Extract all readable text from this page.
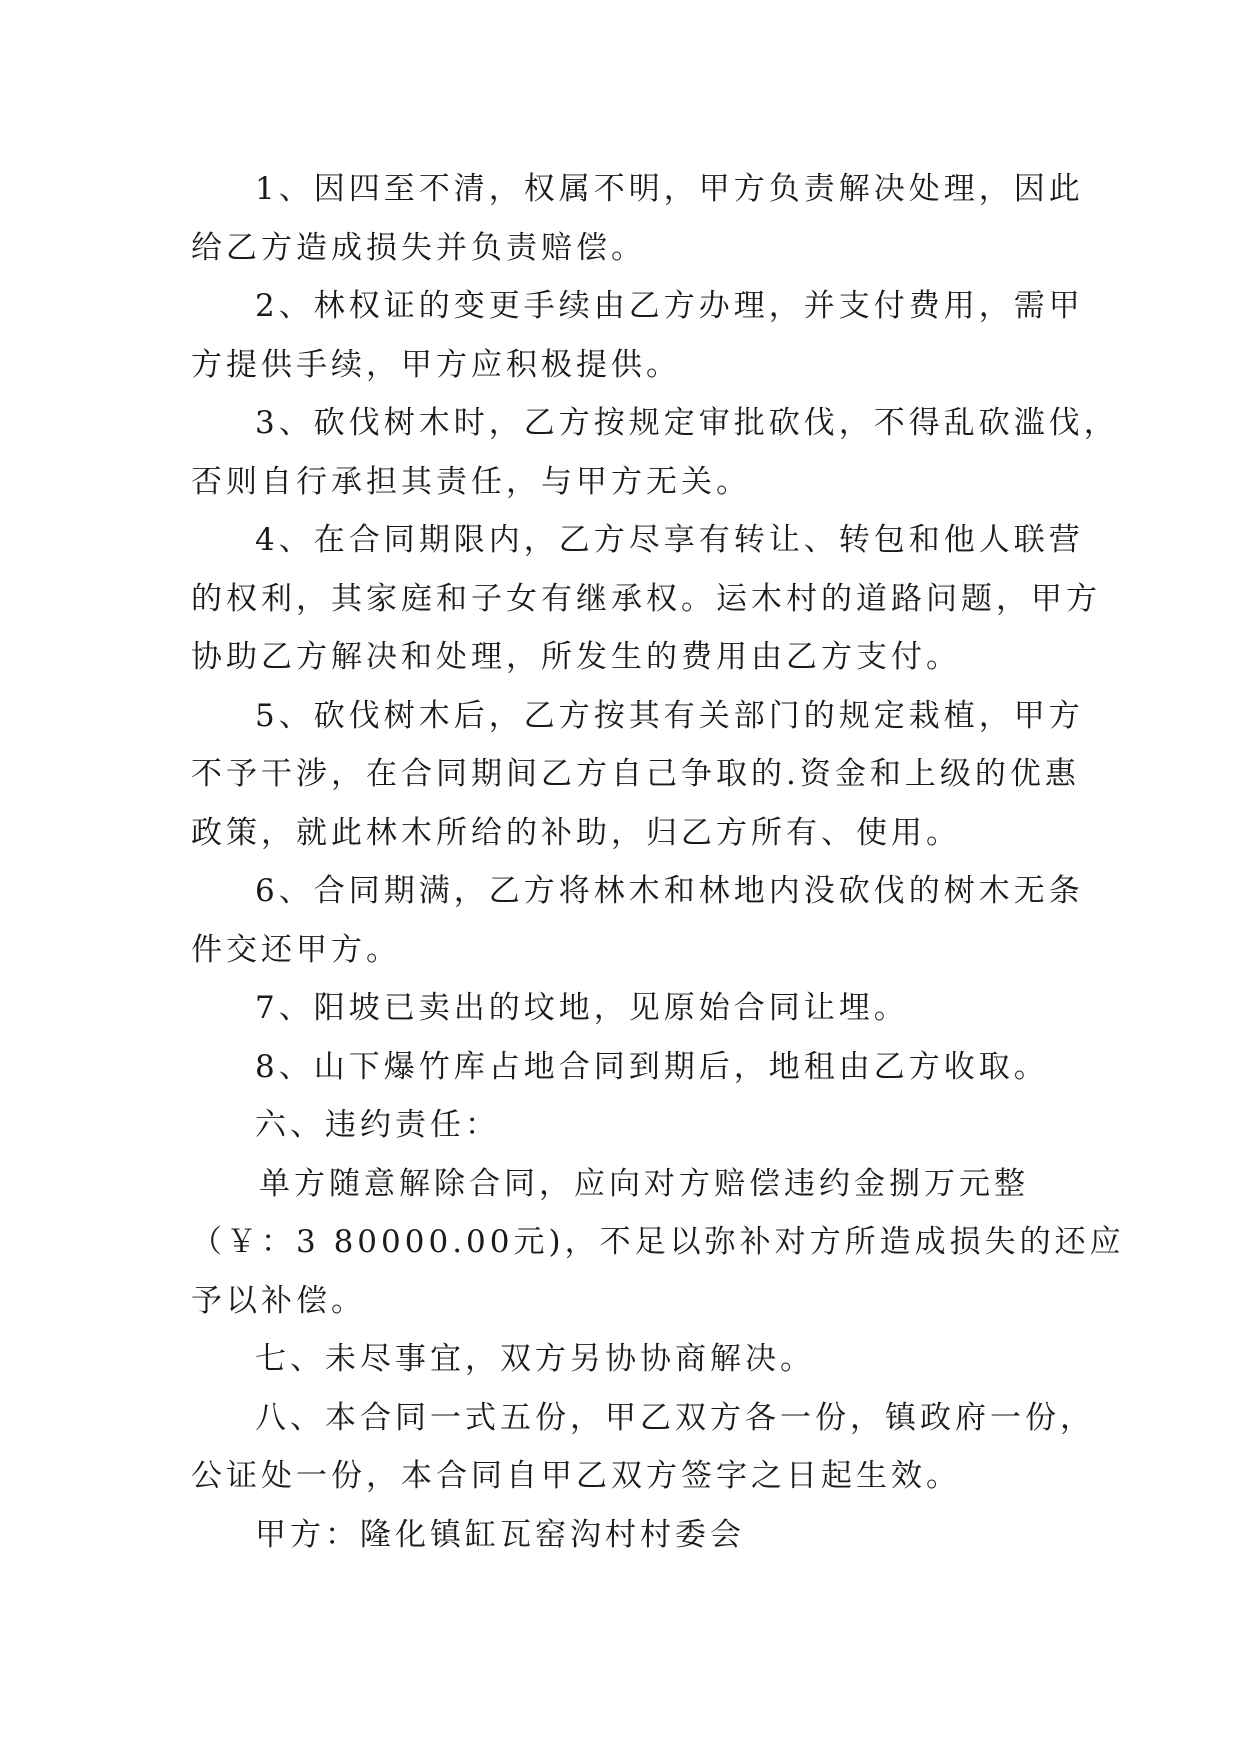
1、因四至不清，权属不明，甲方负责解决处理，因此
给乙方造成损失并负责赔偿。

2、林权证的变更手续由乙方办理，并支付费用，需甲
方提供手续，甲方应积极提供。

3、砍伐树木时，乙方按规定审批砍伐，不得乱砍滥伐，
否则自行承担其责任，与甲方无关。

4、在合同期限内，乙方尽享有转让、转包和他人联营
的权利，其家庭和子女有继承权。运木村的道路问题，甲方
协助乙方解决和处理，所发生的费用由乙方支付。

5、砍伐树木后，乙方按其有关部门的规定栽植，甲方
不予干涉，在合同期间乙方自己争取的.资金和上级的优惠
政策，就此林木所给的补助，归乙方所有、使用。

6、合同期满，乙方将林木和林地内没砍伐的树木无条
件交还甲方。

7、阳坡已卖出的坟地，见原始合同让埋。

8、山下爆竹库占地合同到期后，地租由乙方收取。

六、违约责任：

单方随意解除合同，应向对方赔偿违约金捌万元整
（￥：3 80000.00元)，不足以弥补对方所造成损失的还应
予以补偿。

七、未尽事宜，双方另协协商解决。

八、本合同一式五份，甲乙双方各一份，镇政府一份，
公证处一份，本合同自甲乙双方签字之日起生效。

甲方：隆化镇缸瓦窑沟村村委会
